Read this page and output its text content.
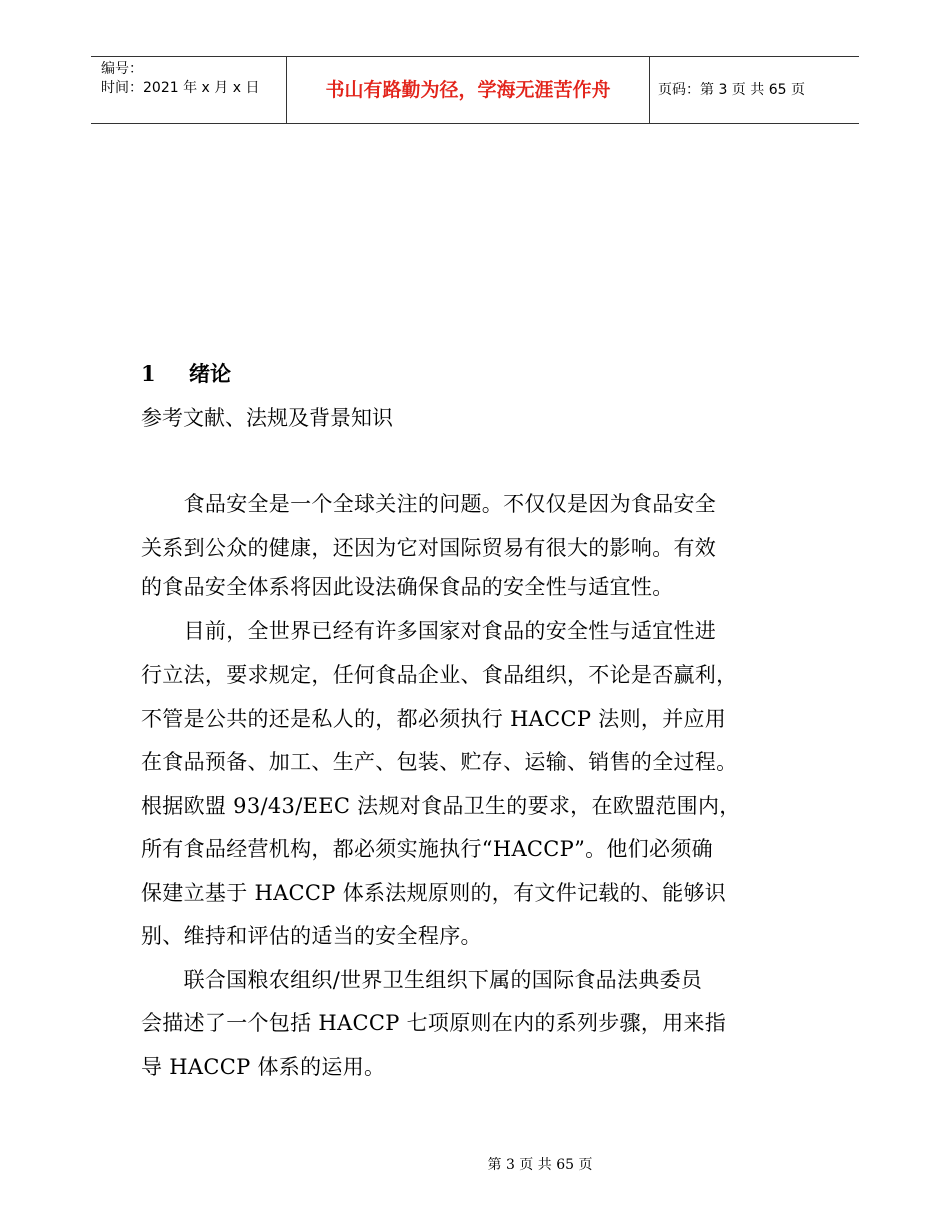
编号：
时间：2021 年 x 月 x 日	书山有路勤为径，学海无涯苦作舟	页码：第 3 页 共 65 页
1 绪论
参考文献、法规及背景知识
　　食品安全是一个全球关注的问题。不仅仅是因为食品安全
关系到公众的健康，还因为它对国际贸易有很大的影响。有效
的食品安全体系将因此设法确保食品的安全性与适宜性。
　　目前，全世界已经有许多国家对食品的安全性与适宜性进
行立法，要求规定，任何食品企业、食品组织，不论是否赢利，
不管是公共的还是私人的，都必须执行 HACCP 法则，并应用
在食品预备、加工、生产、包装、贮存、运输、销售的全过程。
根据欧盟 93/43/EEC 法规对食品卫生的要求，在欧盟范围内，
所有食品经营机构，都必须实施执行“HACCP”。他们必须确
保建立基于 HACCP 体系法规原则的，有文件记载的、能够识
别、维持和评估的适当的安全程序。
　　联合国粮农组织/世界卫生组织下属的国际食品法典委员
会描述了一个包括 HACCP 七项原则在内的系列步骤，用来指
导 HACCP 体系的运用。
第 3 页 共 65 页
